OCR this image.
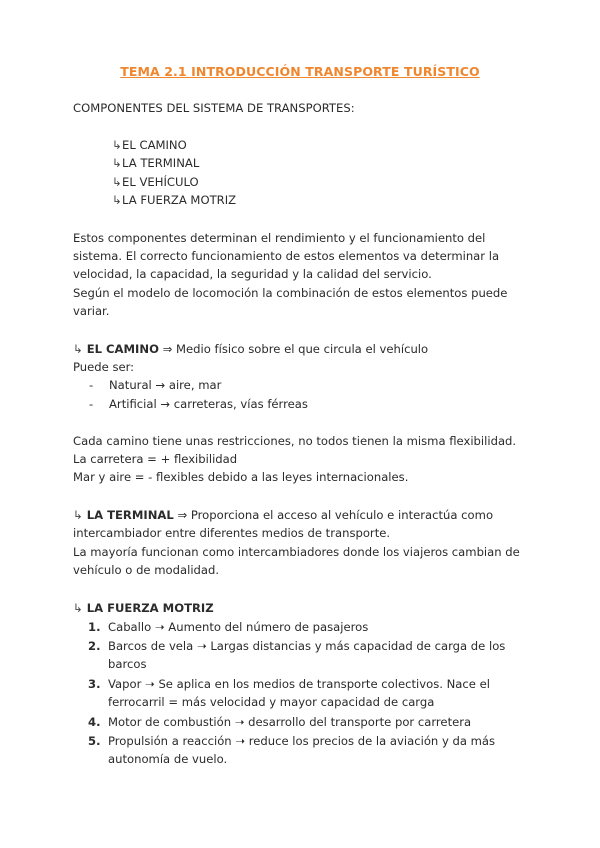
TEMA 2.1 INTRODUCCIÓN TRANSPORTE TURÍSTICO
COMPONENTES DEL SISTEMA DE TRANSPORTES:
↳EL CAMINO
↳LA TERMINAL
↳EL VEHÍCULO
↳LA FUERZA MOTRIZ
Estos componentes determinan el rendimiento y el funcionamiento del
sistema. El correcto funcionamiento de estos elementos va determinar la
velocidad, la capacidad, la seguridad y la calidad del servicio.
Según el modelo de locomoción la combinación de estos elementos puede
variar.
↳ EL CAMINO ⇒ Medio físico sobre el que circula el vehículo
Puede ser:
- Natural → aire, mar
- Artificial → carreteras, vías férreas
Cada camino tiene unas restricciones, no todos tienen la misma flexibilidad.
La carretera = + flexibilidad
Mar y aire = - flexibles debido a las leyes internacionales.
↳ LA TERMINAL ⇒ Proporciona el acceso al vehículo e interactúa como
intercambiador entre diferentes medios de transporte.
La mayoría funcionan como intercambiadores donde los viajeros cambian de
vehículo o de modalidad.
↳ LA FUERZA MOTRIZ
1. Caballo ➝ Aumento del número de pasajeros
2. Barcos de vela ➝ Largas distancias y más capacidad de carga de los
barcos
3. Vapor ➝ Se aplica en los medios de transporte colectivos. Nace el
ferrocarril = más velocidad y mayor capacidad de carga
4. Motor de combustión ➝ desarrollo del transporte por carretera
5. Propulsión a reacción ➝ reduce los precios de la aviación y da más
autonomía de vuelo.
